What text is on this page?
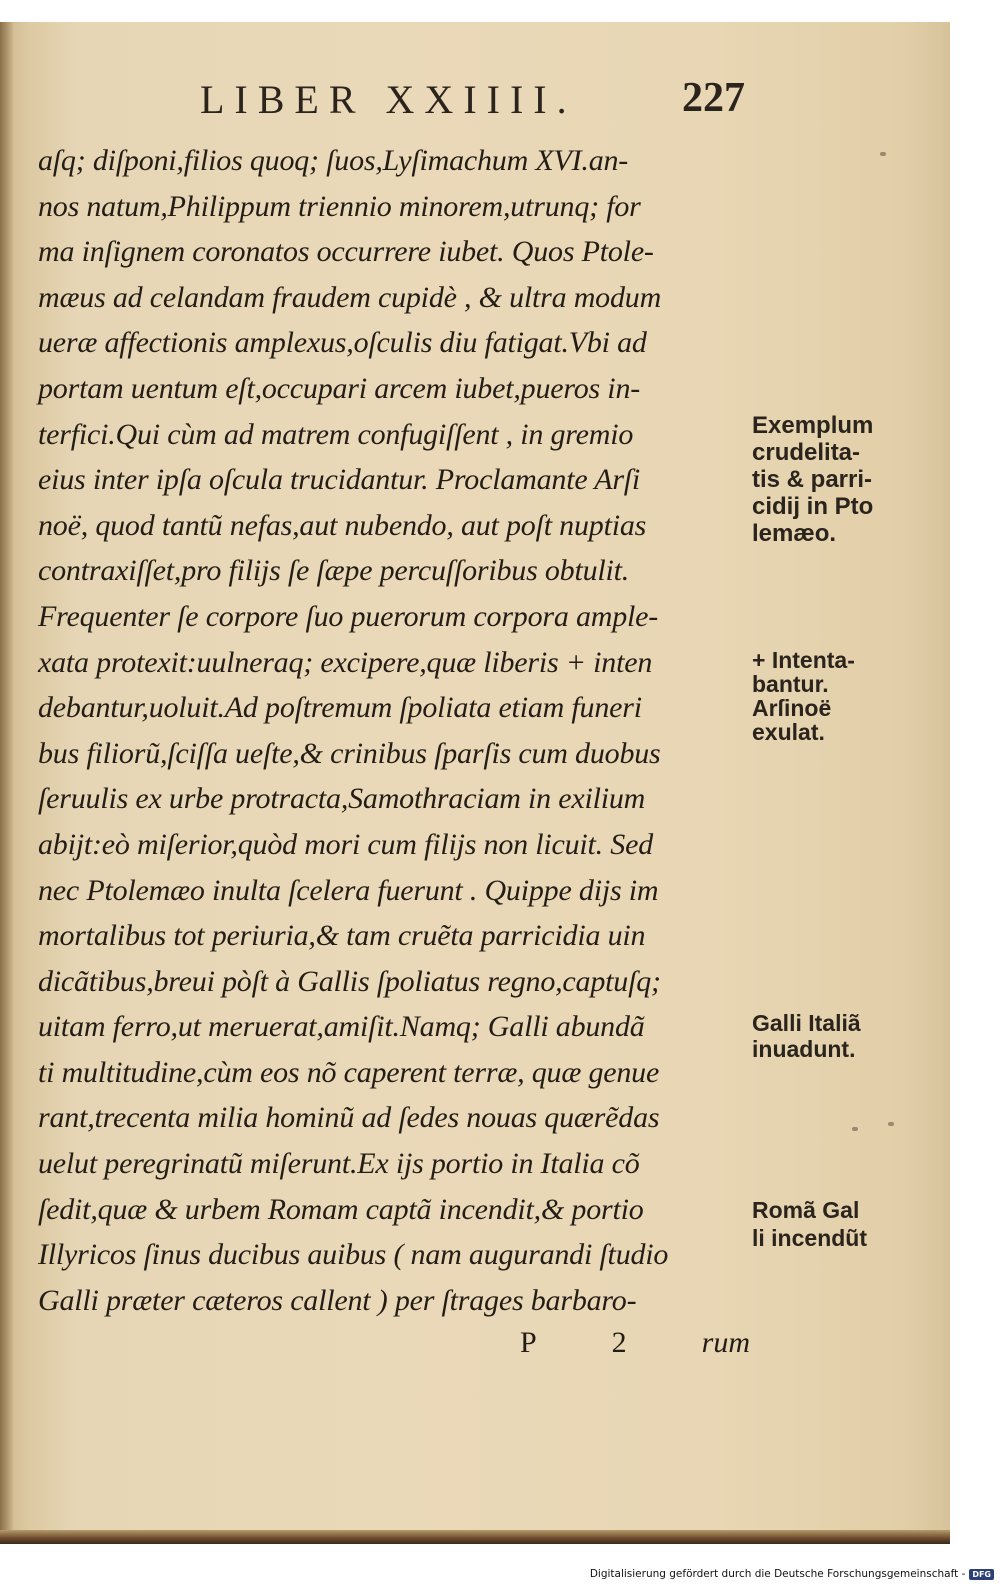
LIBER XXIIII.	227
aſq; diſponi,filios quoq; ſuos,Lyſimachum XVI.an-
nos natum,Philippum triennio minorem,utrunq; for
ma inſignem coronatos occurrere iubet. Quos Ptole-
mæus ad celandam fraudem cupidè , & ultra modum
ueræ affectionis amplexus,oſculis diu fatigat.Vbi ad
portam uentum eſt,occupari arcem iubet,pueros in-
terfici.Qui cùm ad matrem confugiſſent , in gremio
eius inter ipſa oſcula trucidantur. Proclamante Arſi
noë, quod tantũ nefas,aut nubendo, aut poſt nuptias
contraxiſſet,pro filijs ſe ſæpe percuſſoribus obtulit.
Frequenter ſe corpore ſuo puerorum corpora ample-
xata protexit:uulneraq; excipere,quæ liberis + inten
debantur,uoluit.Ad poſtremum ſpoliata etiam funeri
bus filiorũ,ſciſſa ueſte,& crinibus ſparſis cum duobus
ſeruulis ex urbe protracta,Samothraciam in exilium
abijt:eò miſerior,quòd mori cum filijs non licuit. Sed
nec Ptolemæo inulta ſcelera fuerunt . Quippe dijs im
mortalibus tot periuria,& tam cruẽta parricidia uin
dicãtibus,breui pòſt à Gallis ſpoliatus regno,captuſq;
uitam ferro,ut meruerat,amiſit.Namq; Galli abundã
ti multitudine,cùm eos nõ caperent terræ, quæ genue
rant,trecenta milia hominũ ad ſedes nouas quærẽdas
uelut peregrinatũ miſerunt.Ex ijs portio in Italia cõ
ſedit,quæ & urbem Romam captã incendit,& portio
Illyricos ſinus ducibus auibus ( nam augurandi ſtudio
Galli præter cæteros callent ) per ſtrages barbaro-
P 2 rum
Exemplum
crudelita-
tis & parri-
cidij in Pto
lemæo.
+ Intenta-
bantur.
Arſinoë
exulat.
Galli Italiã
inuadunt.
Romã Gal
li incendũt
Digitalisierung gefördert durch die Deutsche Forschungsgemeinschaft - DFG
